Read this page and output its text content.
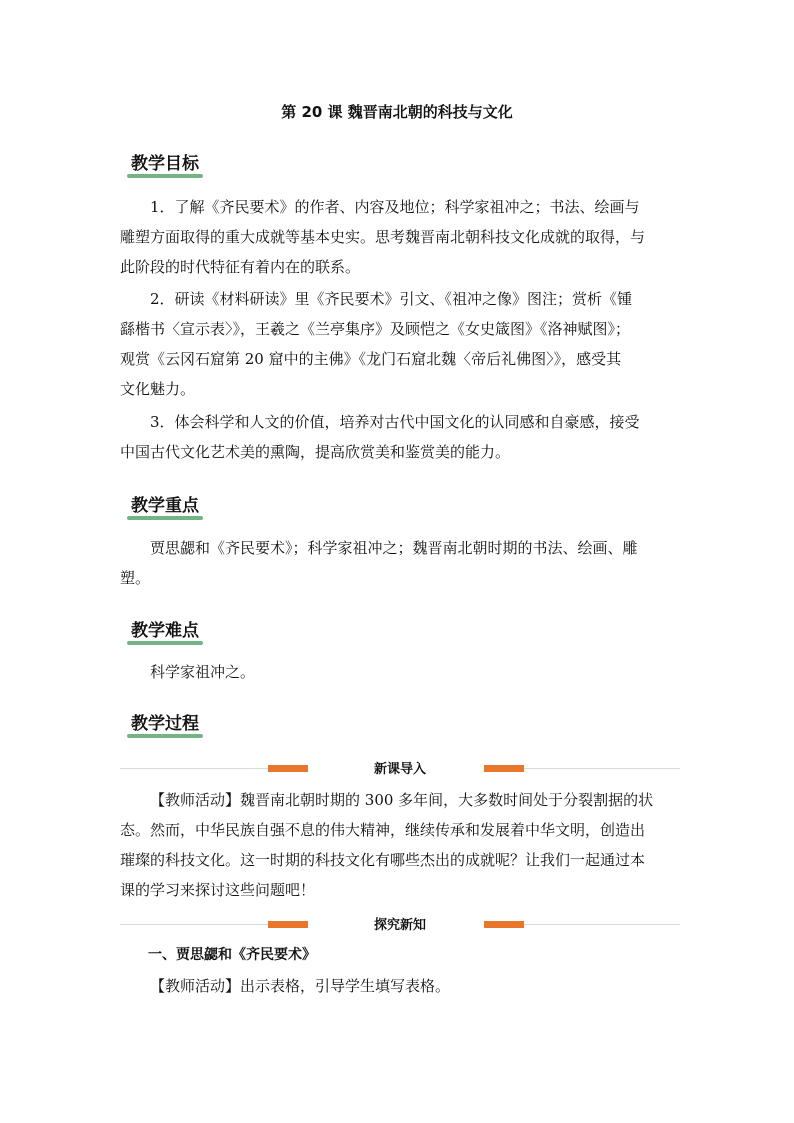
第 20 课 魏晋南北朝的科技与文化
教学目标

1．了解《齐民要术》的作者、内容及地位；科学家祖冲之；书法、绘画与
雕塑方面取得的重大成就等基本史实。思考魏晋南北朝科技文化成就的取得，与
此阶段的时代特征有着内在的联系。

2．研读《材料研读》里《齐民要术》引文、《祖冲之像》图注；赏析《锺
繇楷书〈宣示表〉》，王羲之《兰亭集序》及顾恺之《女史箴图》《洛神赋图》；
观赏《云冈石窟第 20 窟中的主佛》《龙门石窟北魏〈帝后礼佛图〉》，感受其
文化魅力。

3．体会科学和人文的价值，培养对古代中国文化的认同感和自豪感，接受
中国古代文化艺术美的熏陶，提高欣赏美和鉴赏美的能力。

教学重点

贾思勰和《齐民要术》；科学家祖冲之；魏晋南北朝时期的书法、绘画、雕
塑。

教学难点

科学家祖冲之。

教学过程
新课导入

【教师活动】魏晋南北朝时期的 300 多年间，大多数时间处于分裂割据的状
态。然而，中华民族自强不息的伟大精神，继续传承和发展着中华文明，创造出
璀璨的科技文化。这一时期的科技文化有哪些杰出的成就呢？让我们一起通过本
课的学习来探讨这些问题吧！

探究新知
一、贾思勰和《齐民要术》

【教师活动】出示表格，引导学生填写表格。
